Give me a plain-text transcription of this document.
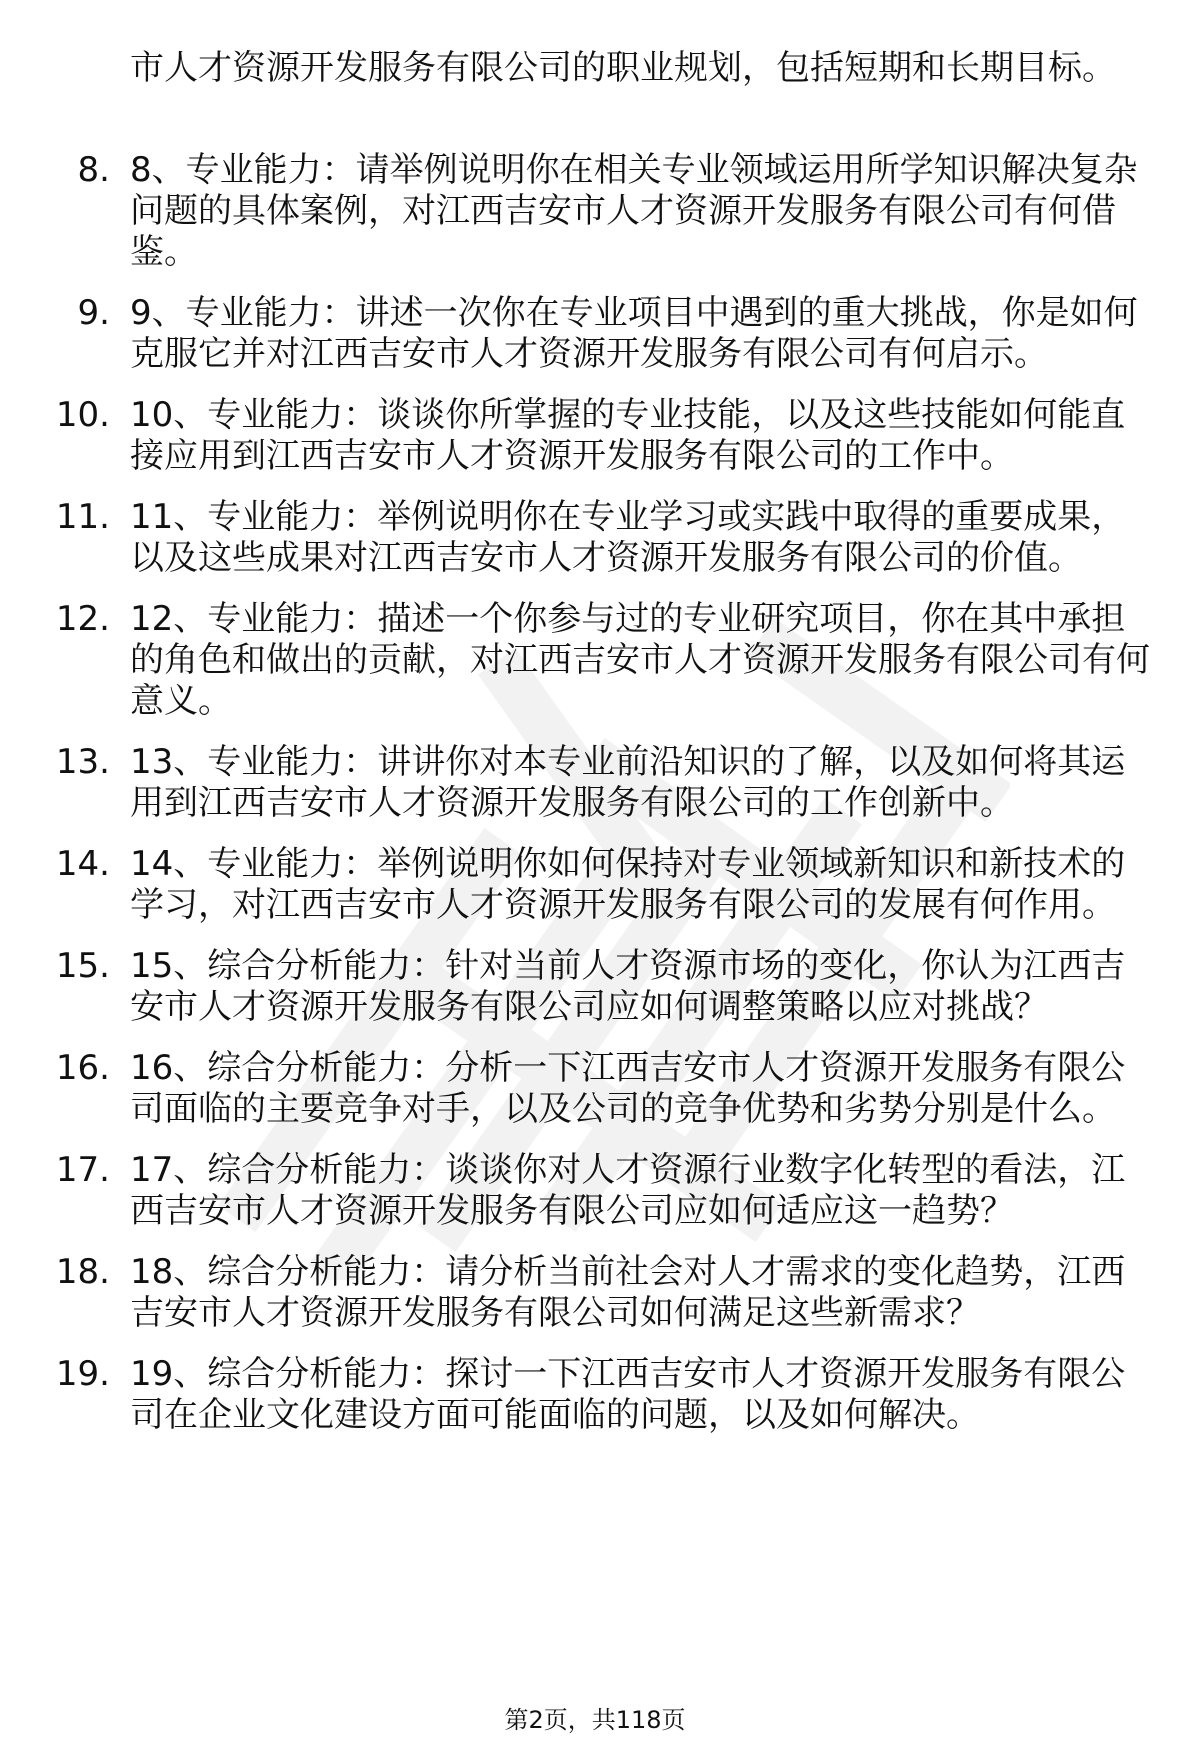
市人才资源开发服务有限公司的职业规划，包括短期和长期目标。

8. 8、专业能力：请举例说明你在相关专业领域运用所学知识解决复杂问题的具体案例，对江西吉安市人才资源开发服务有限公司有何借鉴。
9. 9、专业能力：讲述一次你在专业项目中遇到的重大挑战，你是如何克服它并对江西吉安市人才资源开发服务有限公司有何启示。
10. 10、专业能力：谈谈你所掌握的专业技能，以及这些技能如何能直接应用到江西吉安市人才资源开发服务有限公司的工作中。
11. 11、专业能力：举例说明你在专业学习或实践中取得的重要成果，以及这些成果对江西吉安市人才资源开发服务有限公司的价值。
12. 12、专业能力：描述一个你参与过的专业研究项目，你在其中承担的角色和做出的贡献，对江西吉安市人才资源开发服务有限公司有何意义。
13. 13、专业能力：讲讲你对本专业前沿知识的了解，以及如何将其运用到江西吉安市人才资源开发服务有限公司的工作创新中。
14. 14、专业能力：举例说明你如何保持对专业领域新知识和新技术的学习，对江西吉安市人才资源开发服务有限公司的发展有何作用。
15. 15、综合分析能力：针对当前人才资源市场的变化，你认为江西吉安市人才资源开发服务有限公司应如何调整策略以应对挑战？
16. 16、综合分析能力：分析一下江西吉安市人才资源开发服务有限公司面临的主要竞争对手，以及公司的竞争优势和劣势分别是什么。
17. 17、综合分析能力：谈谈你对人才资源行业数字化转型的看法，江西吉安市人才资源开发服务有限公司应如何适应这一趋势？
18. 18、综合分析能力：请分析当前社会对人才需求的变化趋势，江西吉安市人才资源开发服务有限公司如何满足这些新需求？
19. 19、综合分析能力：探讨一下江西吉安市人才资源开发服务有限公司在企业文化建设方面可能面临的问题，以及如何解决。
第2页，共118页
